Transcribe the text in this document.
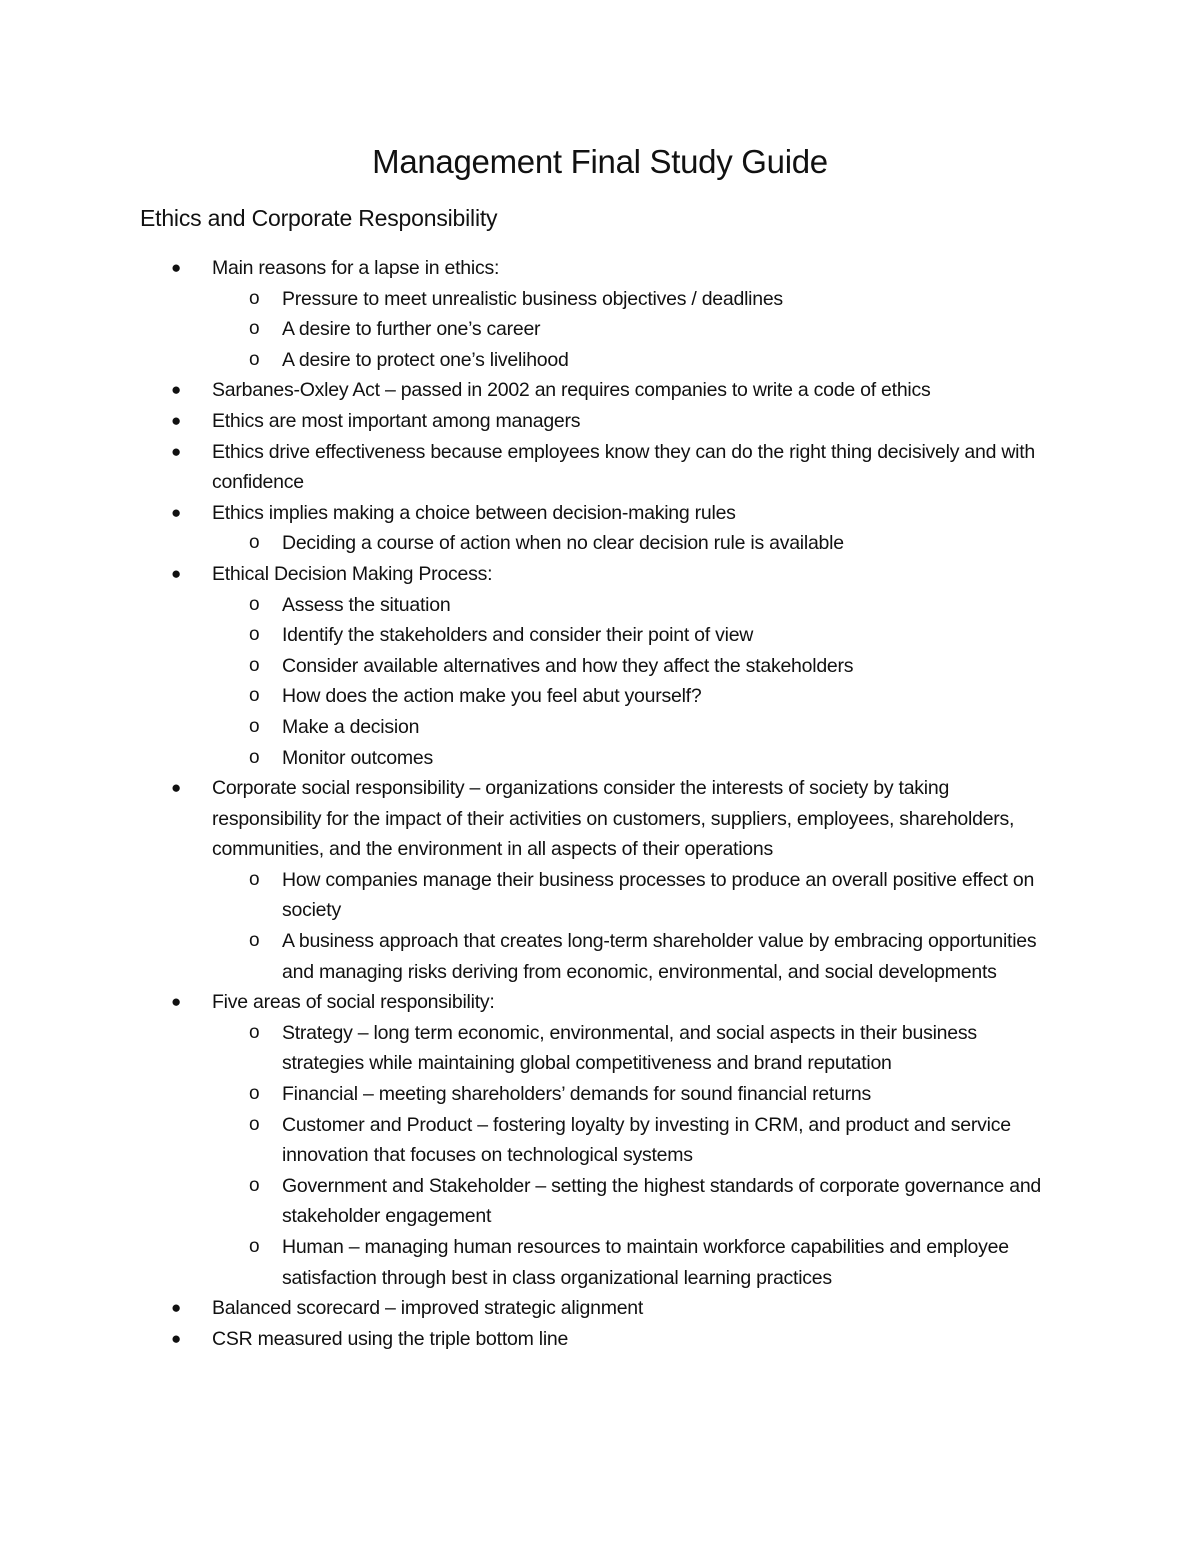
Management Final Study Guide
Ethics and Corporate Responsibility
● Main reasons for a lapse in ethics:
o Pressure to meet unrealistic business objectives / deadlines
o A desire to further one’s career
o A desire to protect one’s livelihood
● Sarbanes-Oxley Act – passed in 2002 an requires companies to write a code of ethics
● Ethics are most important among managers
● Ethics drive effectiveness because employees know they can do the right thing decisively and with confidence
● Ethics implies making a choice between decision-making rules
o Deciding a course of action when no clear decision rule is available
● Ethical Decision Making Process:
o Assess the situation
o Identify the stakeholders and consider their point of view
o Consider available alternatives and how they affect the stakeholders
o How does the action make you feel abut yourself?
o Make a decision
o Monitor outcomes
● Corporate social responsibility – organizations consider the interests of society by taking responsibility for the impact of their activities on customers, suppliers, employees, shareholders, communities, and the environment in all aspects of their operations
o How companies manage their business processes to produce an overall positive effect on society
o A business approach that creates long-term shareholder value by embracing opportunities and managing risks deriving from economic, environmental, and social developments
● Five areas of social responsibility:
o Strategy – long term economic, environmental, and social aspects in their business strategies while maintaining global competitiveness and brand reputation
o Financial – meeting shareholders’ demands for sound financial returns
o Customer and Product – fostering loyalty by investing in CRM, and product and service innovation that focuses on technological systems
o Government and Stakeholder – setting the highest standards of corporate governance and stakeholder engagement
o Human – managing human resources to maintain workforce capabilities and employee satisfaction through best in class organizational learning practices
● Balanced scorecard – improved strategic alignment
● CSR measured using the triple bottom line
